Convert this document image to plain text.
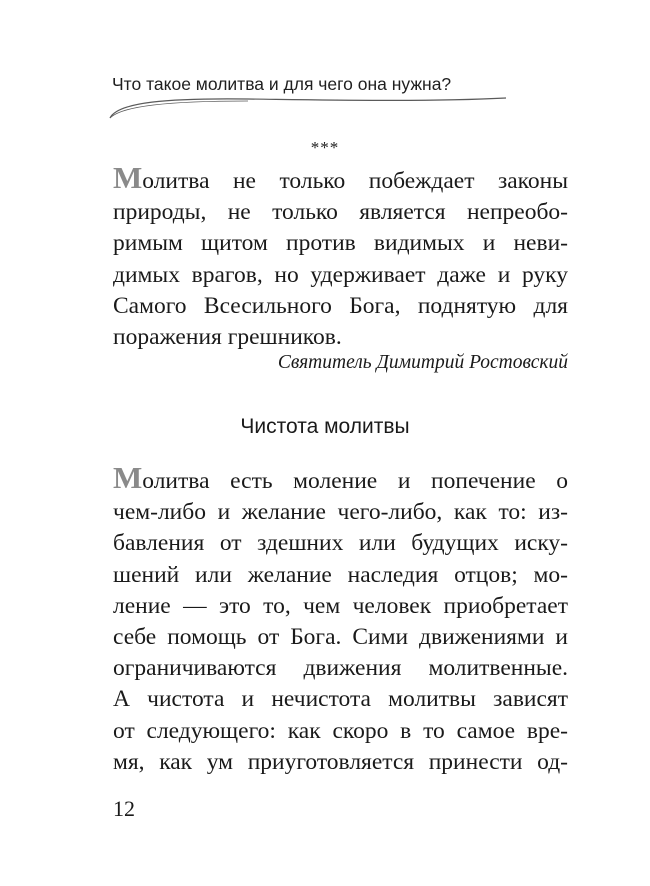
Что такое молитва и для чего она нужна?
***
Молитва не только побеждает законы
природы, не только является непреобо-
римым щитом против видимых и неви-
димых врагов, но удерживает даже и руку
Самого Всесильного Бога, поднятую для
поражения грешников.
Святитель Димитрий Ростовский
Чистота молитвы
Молитва есть моление и попечение о
чем-либо и желание чего-либо, как то: из-
бавления от здешних или будущих иску-
шений или желание наследия отцов; мо-
ление — это то, чем человек приобретает
себе помощь от Бога. Сими движениями и
ограничиваются движения молитвенные.
А чистота и нечистота молитвы зависят
от следующего: как скоро в то самое вре-
мя, как ум приуготовляется принести од-
12
